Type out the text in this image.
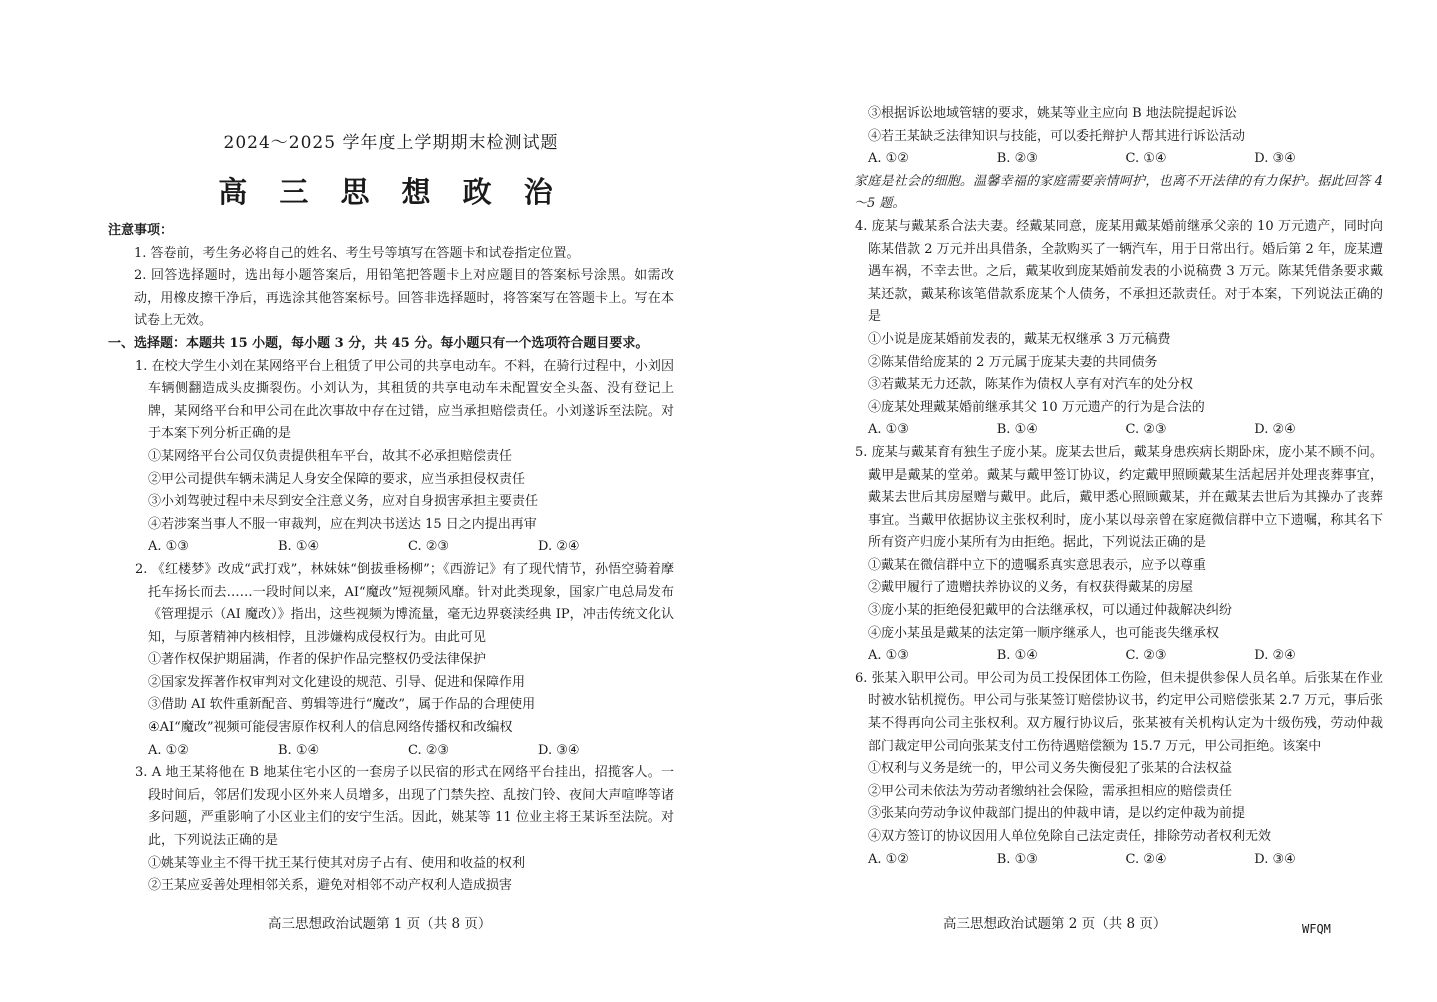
2024～2025 学年度上学期期末检测试题
高 三 思 想 政 治
注意事项：

1. 答卷前，考生务必将自己的姓名、考生号等填写在答题卡和试卷指定位置。

2. 回答选择题时，选出每小题答案后，用铅笔把答题卡上对应题目的答案标号涂黑。如需改动，用橡皮擦干净后，再选涂其他答案标号。回答非选择题时，将答案写在答题卡上。写在本试卷上无效。

一、选择题：本题共 15 小题，每小题 3 分，共 45 分。每小题只有一个选项符合题目要求。

1. 在校大学生小刘在某网络平台上租赁了甲公司的共享电动车。不料，在骑行过程中，小刘因车辆侧翻造成头皮撕裂伤。小刘认为，其租赁的共享电动车未配置安全头盔、没有登记上牌，某网络平台和甲公司在此次事故中存在过错，应当承担赔偿责任。小刘遂诉至法院。对于本案下列分析正确的是

①某网络平台公司仅负责提供租车平台，故其不必承担赔偿责任
②甲公司提供车辆未满足人身安全保障的要求，应当承担侵权责任
③小刘驾驶过程中未尽到安全注意义务，应对自身损害承担主要责任
④若涉案当事人不服一审裁判，应在判决书送达 15 日之内提出再审
A. ①③	B. ①④	C. ②③	D. ②④

2. 《红楼梦》改成“武打戏”，林妹妹“倒拔垂杨柳”；《西游记》有了现代情节，孙悟空骑着摩托车扬长而去……一段时间以来，AI“魔改”短视频风靡。针对此类现象，国家广电总局发布《管理提示（AI 魔改）》指出，这些视频为博流量，毫无边界亵渎经典 IP，冲击传统文化认知，与原著精神内核相悖，且涉嫌构成侵权行为。由此可见

①著作权保护期届满，作者的保护作品完整权仍受法律保护
②国家发挥著作权审判对文化建设的规范、引导、促进和保障作用
③借助 AI 软件重新配音、剪辑等进行“魔改”，属于作品的合理使用
④AI“魔改”视频可能侵害原作权利人的信息网络传播权和改编权
A. ①②	B. ①④	C. ②③	D. ③④

3. A 地王某将他在 B 地某住宅小区的一套房子以民宿的形式在网络平台挂出，招揽客人。一段时间后，邻居们发现小区外来人员增多，出现了门禁失控、乱按门铃、夜间大声喧哗等诸多问题，严重影响了小区业主们的安宁生活。因此，姚某等 11 位业主将王某诉至法院。对此，下列说法正确的是

①姚某等业主不得干扰王某行使其对房子占有、使用和收益的权利
②王某应妥善处理相邻关系，避免对相邻不动产权利人造成损害
高三思想政治试题第 1 页（共 8 页）
③根据诉讼地域管辖的要求，姚某等业主应向 B 地法院提起诉讼
④若王某缺乏法律知识与技能，可以委托辩护人帮其进行诉讼活动
A. ①②	B. ②③	C. ①④	D. ③④

家庭是社会的细胞。温馨幸福的家庭需要亲情呵护，也离不开法律的有力保护。据此回答 4～5 题。

4. 庞某与戴某系合法夫妻。经戴某同意，庞某用戴某婚前继承父亲的 10 万元遗产，同时向陈某借款 2 万元并出具借条，全款购买了一辆汽车，用于日常出行。婚后第 2 年，庞某遭遇车祸，不幸去世。之后，戴某收到庞某婚前发表的小说稿费 3 万元。陈某凭借条要求戴某还款，戴某称该笔借款系庞某个人债务，不承担还款责任。对于本案，下列说法正确的是

①小说是庞某婚前发表的，戴某无权继承 3 万元稿费
②陈某借给庞某的 2 万元属于庞某夫妻的共同债务
③若戴某无力还款，陈某作为债权人享有对汽车的处分权
④庞某处理戴某婚前继承其父 10 万元遗产的行为是合法的
A. ①③	B. ①④	C. ②③	D. ②④

5. 庞某与戴某育有独生子庞小某。庞某去世后，戴某身患疾病长期卧床，庞小某不顾不问。戴甲是戴某的堂弟。戴某与戴甲签订协议，约定戴甲照顾戴某生活起居并处理丧葬事宜，戴某去世后其房屋赠与戴甲。此后，戴甲悉心照顾戴某，并在戴某去世后为其操办了丧葬事宜。当戴甲依据协议主张权利时，庞小某以母亲曾在家庭微信群中立下遗嘱，称其名下所有资产归庞小某所有为由拒绝。据此，下列说法正确的是

①戴某在微信群中立下的遗嘱系真实意思表示，应予以尊重
②戴甲履行了遗赠扶养协议的义务，有权获得戴某的房屋
③庞小某的拒绝侵犯戴甲的合法继承权，可以通过仲裁解决纠纷
④庞小某虽是戴某的法定第一顺序继承人，也可能丧失继承权
A. ①③	B. ①④	C. ②③	D. ②④

6. 张某入职甲公司。甲公司为员工投保团体工伤险，但未提供参保人员名单。后张某在作业时被水钻机搅伤。甲公司与张某签订赔偿协议书，约定甲公司赔偿张某 2.7 万元，事后张某不得再向公司主张权利。双方履行协议后，张某被有关机构认定为十级伤残，劳动仲裁部门裁定甲公司向张某支付工伤待遇赔偿额为 15.7 万元，甲公司拒绝。该案中

①权利与义务是统一的，甲公司义务失衡侵犯了张某的合法权益
②甲公司未依法为劳动者缴纳社会保险，需承担相应的赔偿责任
③张某向劳动争议仲裁部门提出的仲裁申请，是以约定仲裁为前提
④双方签订的协议因用人单位免除自己法定责任，排除劳动者权利无效
A. ①②	B. ①③	C. ②④	D. ③④
高三思想政治试题第 2 页（共 8 页）	WFQM
